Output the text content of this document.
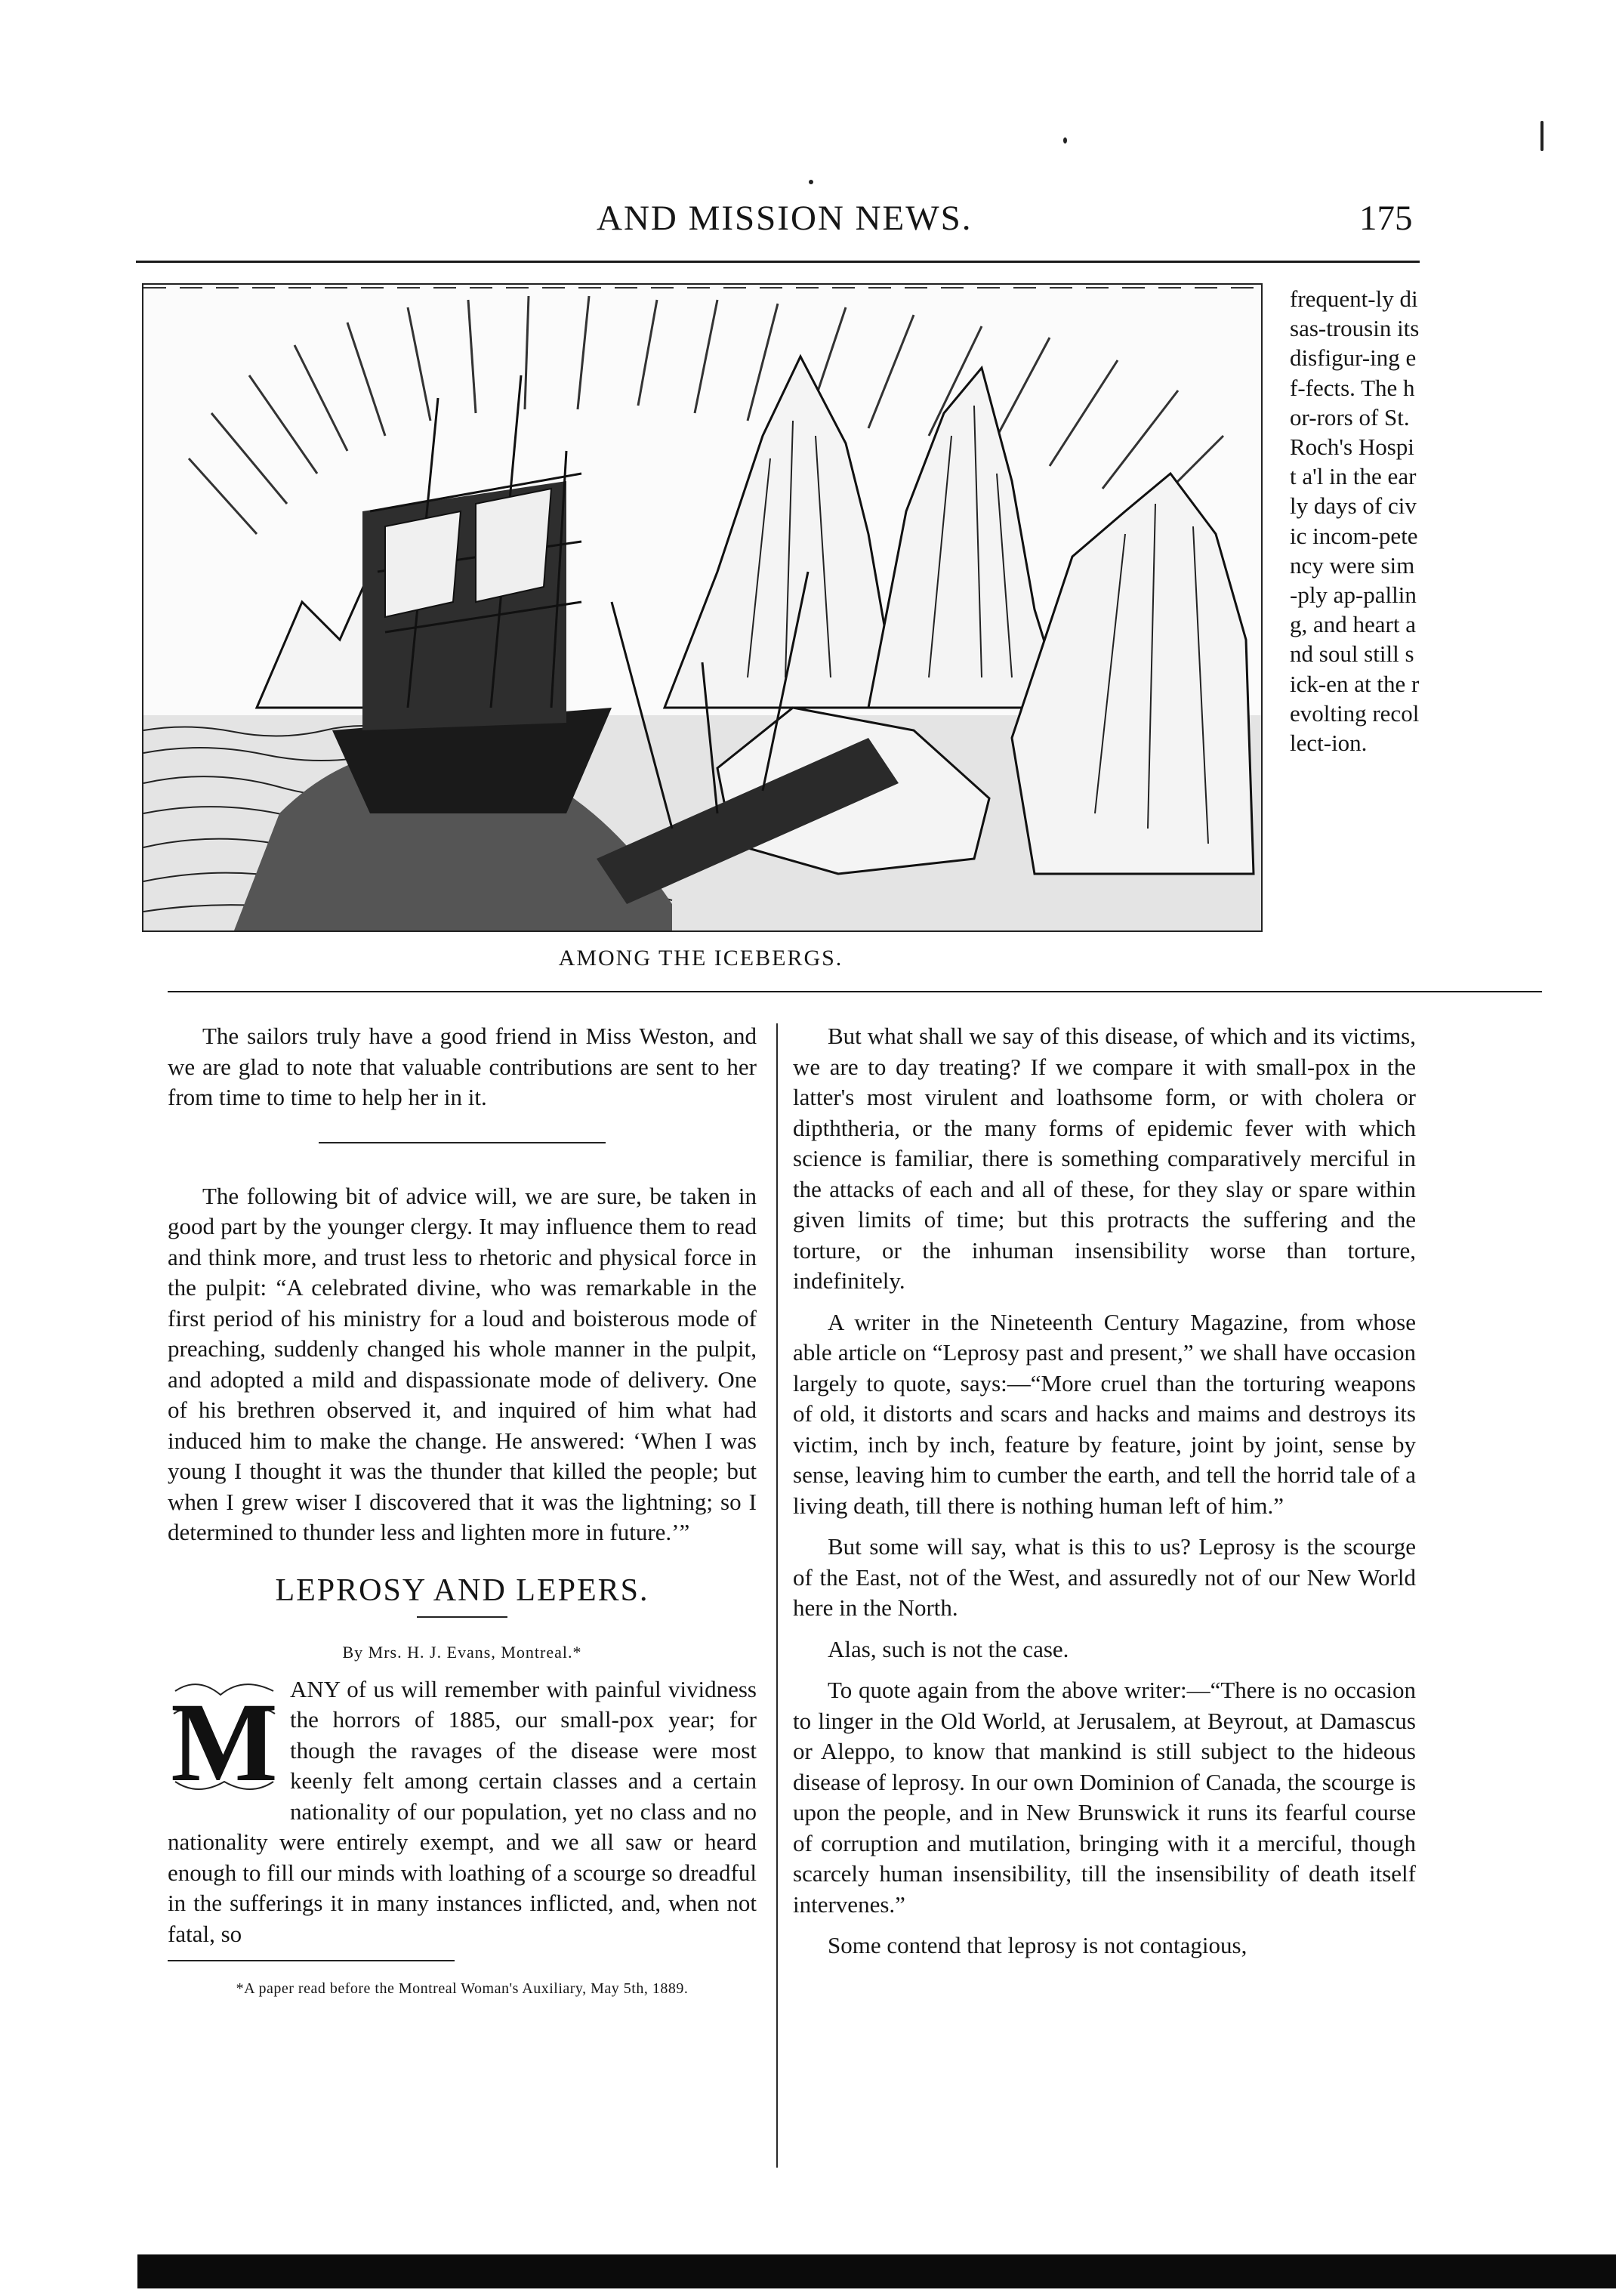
AND MISSION NEWS.	175
frequent-ly disas-trousin its disfigur-ing ef-fects. The hor-rors of St. Roch's Hospit a'l in the early days of civic incom-petency were sim-ply ap-palling, and heart and soul still sick-en at the revolting recollect-ion.
AMONG THE ICEBERGS.

The sailors truly have a good friend in Miss Weston, and we are glad to note that valuable contributions are sent to her from time to time to help her in it.

The following bit of advice will, we are sure, be taken in good part by the younger clergy. It may influence them to read and think more, and trust less to rhetoric and physical force in the pulpit: “A celebrated divine, who was remarkable in the first period of his ministry for a loud and boisterous mode of preaching, suddenly changed his whole manner in the pulpit, and adopted a mild and dispassionate mode of delivery. One of his brethren observed it, and inquired of him what had induced him to make the change. He answered: ‘When I was young I thought it was the thunder that killed the people; but when I grew wiser I discovered that it was the lightning; so I determined to thunder less and lighten more in future.’”

LEPROSY AND LEPERS.
By Mrs. H. J. Evans, Montreal.*
M ANY of us will remember with painful vividness the horrors of 1885, our small-pox year; for though the ravages of the disease were most keenly felt among certain classes and a certain nationality of our population, yet no class and no nationality were entirely exempt, and we all saw or heard enough to fill our minds with loathing of a scourge so dreadful in the sufferings it in many instances inflicted, and, when not fatal, so

*A paper read before the Montreal Woman's Auxiliary, May 5th, 1889.

But what shall we say of this disease, of which and its victims, we are to day treating? If we compare it with small-pox in the latter's most virulent and loathsome form, or with cholera or dipththeria, or the many forms of epidemic fever with which science is familiar, there is something comparatively merciful in the attacks of each and all of these, for they slay or spare within given limits of time; but this protracts the suffering and the torture, or the inhuman insensibility worse than torture, indefinitely.

A writer in the Nineteenth Century Magazine, from whose able article on “Leprosy past and present,” we shall have occasion largely to quote, says:—“More cruel than the torturing weapons of old, it distorts and scars and hacks and maims and destroys its victim, inch by inch, feature by feature, joint by joint, sense by sense, leaving him to cumber the earth, and tell the horrid tale of a living death, till there is nothing human left of him.”

But some will say, what is this to us? Leprosy is the scourge of the East, not of the West, and assuredly not of our New World here in the North.

Alas, such is not the case.

To quote again from the above writer:—“There is no occasion to linger in the Old World, at Jerusalem, at Beyrout, at Damascus or Aleppo, to know that mankind is still subject to the hideous disease of leprosy. In our own Dominion of Canada, the scourge is upon the people, and in New Brunswick it runs its fearful course of corruption and mutilation, bringing with it a merciful, though scarcely human insensibility, till the insensibility of death itself intervenes.”

Some contend that leprosy is not contagious,
